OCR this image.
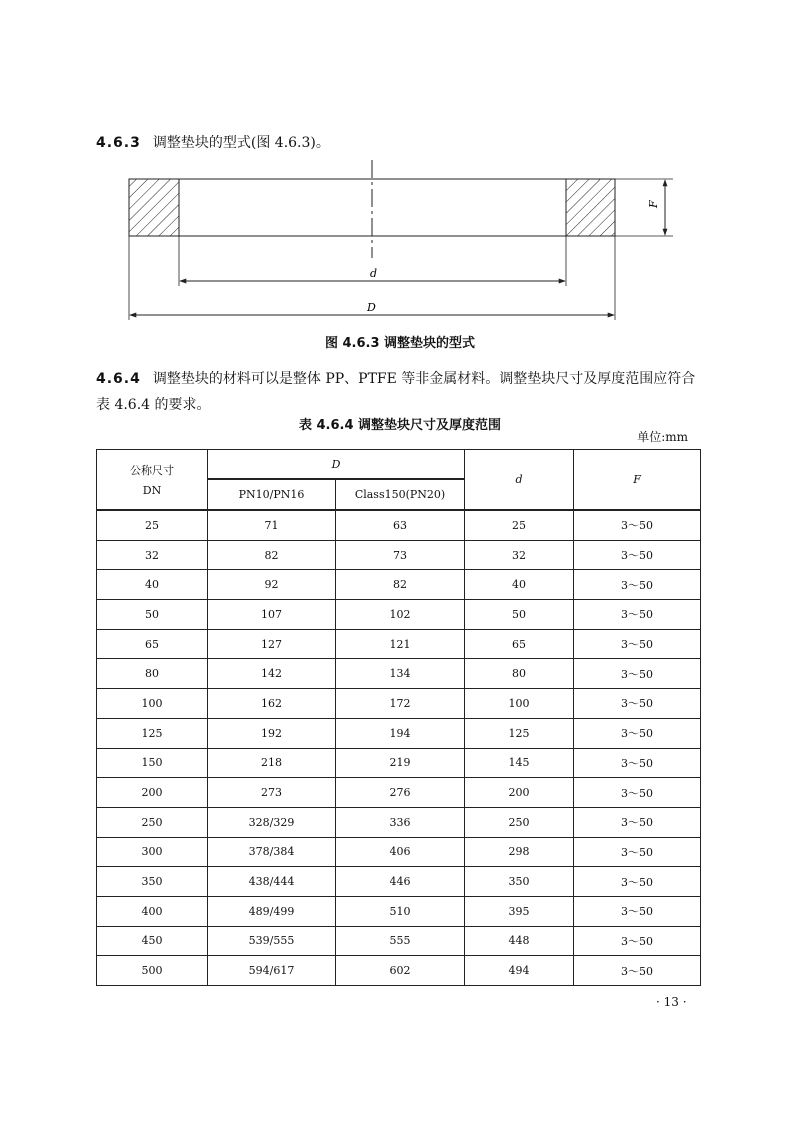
4.6.3 调整垫块的型式(图 4.6.3)。
F
d
D
图 4.6.3 调整垫块的型式
4.6.4 调整垫块的材料可以是整体 PP、PTFE 等非金属材料。调整垫块尺寸及厚度范围应符合表 4.6.4 的要求。
表 4.6.4 调整垫块尺寸及厚度范围
单位:mm
公称尺寸
DN	D		d	F
	PN10/PN16	Class150(PN20)		
25	71	63	25	3～50
32	82	73	32	3～50
40	92	82	40	3～50
50	107	102	50	3～50
65	127	121	65	3～50
80	142	134	80	3～50
100	162	172	100	3～50
125	192	194	125	3～50
150	218	219	145	3～50
200	273	276	200	3～50
250	328/329	336	250	3～50
300	378/384	406	298	3～50
350	438/444	446	350	3～50
400	489/499	510	395	3～50
450	539/555	555	448	3～50
500	594/617	602	494	3～50
· 13 ·
